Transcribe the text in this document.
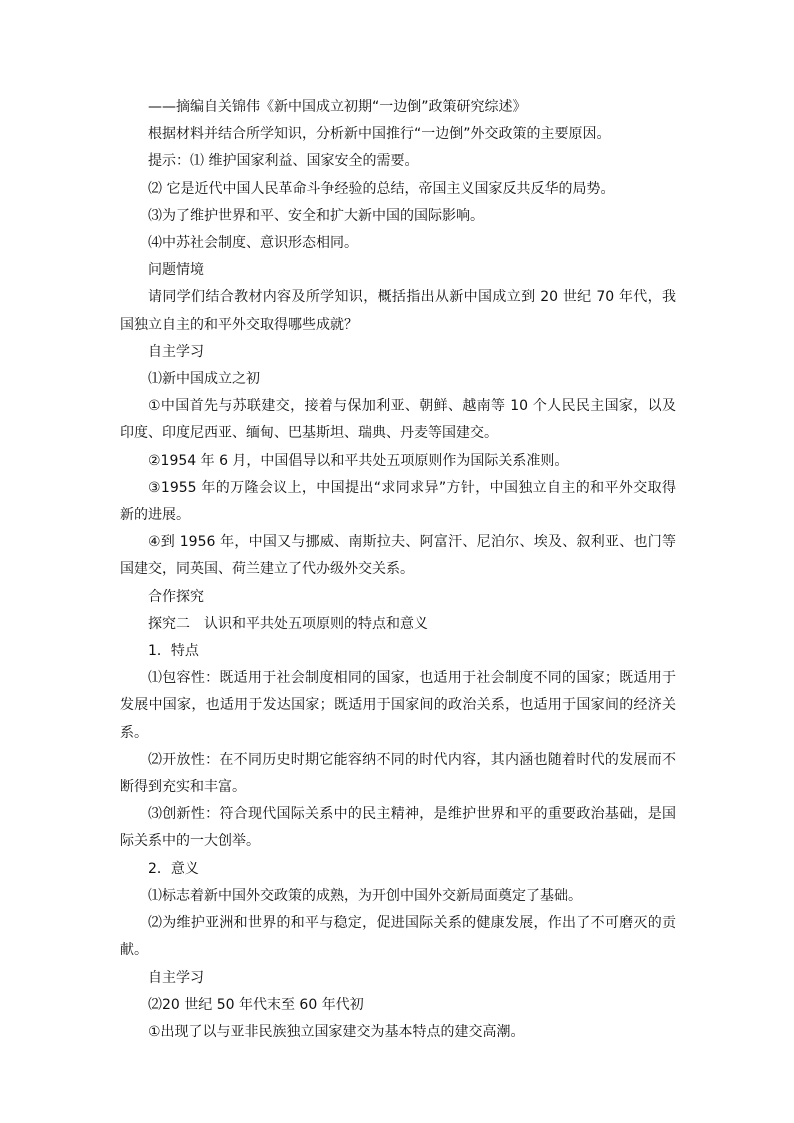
——摘编自关锦伟《新中国成立初期“一边倒”政策研究综述》

根据材料并结合所学知识，分析新中国推行“一边倒”外交政策的主要原因。

提示：⑴ 维护国家利益、国家安全的需要。

⑵ 它是近代中国人民革命斗争经验的总结，帝国主义国家反共反华的局势。

⑶为了维护世界和平、安全和扩大新中国的国际影响。

⑷中苏社会制度、意识形态相同。

问题情境

请同学们结合教材内容及所学知识，概括指出从新中国成立到 20 世纪 70 年代，我国独立自主的和平外交取得哪些成就？

自主学习

⑴新中国成立之初

①中国首先与苏联建交，接着与保加利亚、朝鲜、越南等 10 个人民民主国家，以及印度、印度尼西亚、缅甸、巴基斯坦、瑞典、丹麦等国建交。

②1954 年 6 月，中国倡导以和平共处五项原则作为国际关系准则。

③1955 年的万隆会议上，中国提出“求同求异”方针，中国独立自主的和平外交取得新的进展。

④到 1956 年，中国又与挪威、南斯拉夫、阿富汗、尼泊尔、埃及、叙利亚、也门等国建交，同英国、荷兰建立了代办级外交关系。

合作探究

探究二　认识和平共处五项原则的特点和意义

1．特点

⑴包容性：既适用于社会制度相同的国家，也适用于社会制度不同的国家；既适用于发展中国家，也适用于发达国家；既适用于国家间的政治关系，也适用于国家间的经济关系。

⑵开放性：在不同历史时期它能容纳不同的时代内容，其内涵也随着时代的发展而不断得到充实和丰富。

⑶创新性：符合现代国际关系中的民主精神，是维护世界和平的重要政治基础，是国际关系中的一大创举。

2．意义

⑴标志着新中国外交政策的成熟，为开创中国外交新局面奠定了基础。

⑵为维护亚洲和世界的和平与稳定，促进国际关系的健康发展，作出了不可磨灭的贡献。

自主学习

⑵20 世纪 50 年代末至 60 年代初

①出现了以与亚非民族独立国家建交为基本特点的建交高潮。
